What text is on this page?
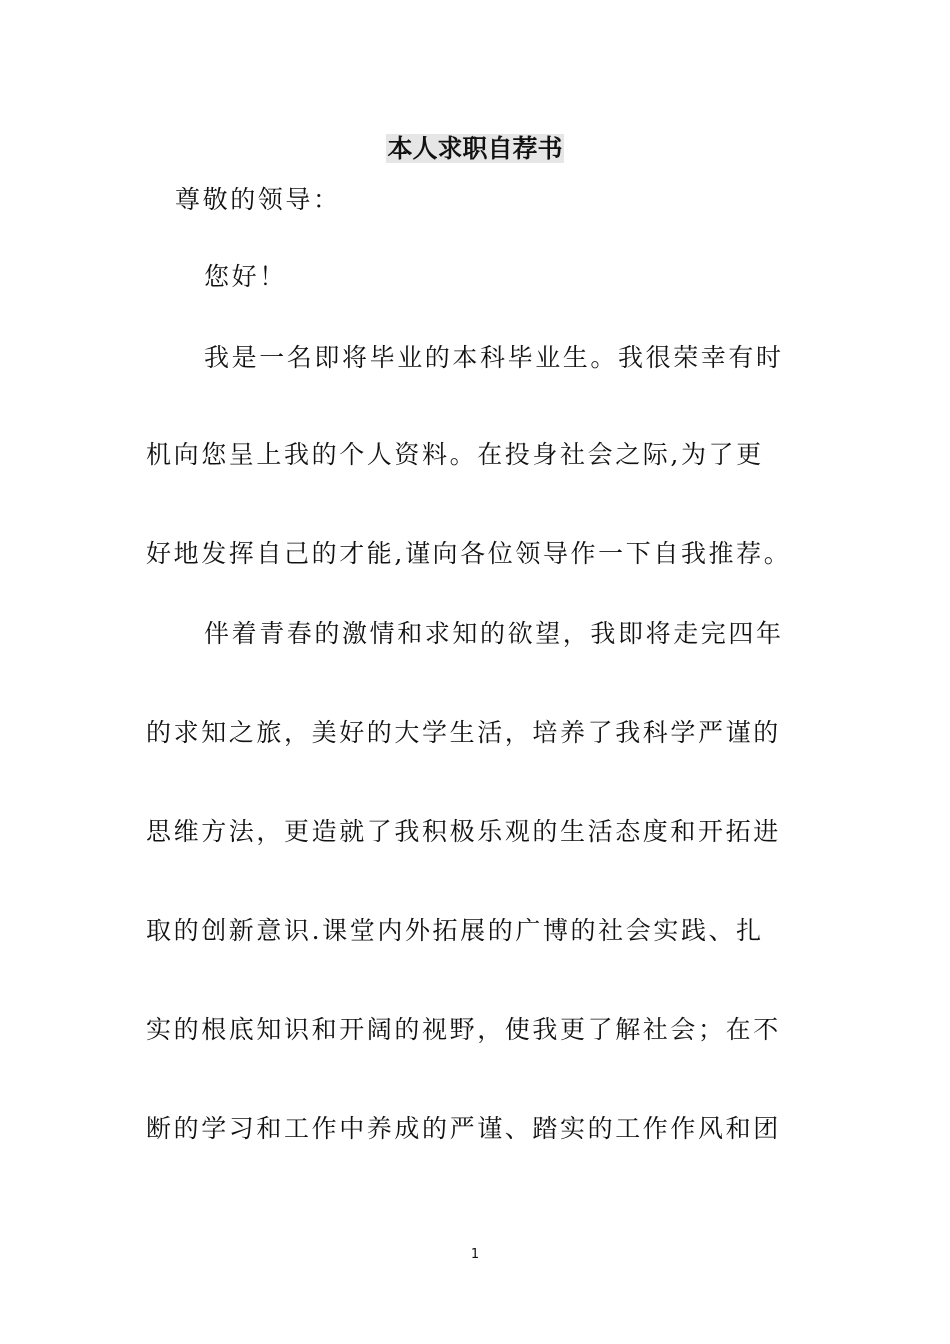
本人求职自荐书
尊敬的领导：
您好！
我是一名即将毕业的本科毕业生。我很荣幸有时
机向您呈上我的个人资料。在投身社会之际,为了更
好地发挥自己的才能,谨向各位领导作一下自我推荐。
伴着青春的激情和求知的欲望，我即将走完四年
的求知之旅，美好的大学生活，培养了我科学严谨的
思维方法，更造就了我积极乐观的生活态度和开拓进
取的创新意识.课堂内外拓展的广博的社会实践、扎
实的根底知识和开阔的视野，使我更了解社会；在不
断的学习和工作中养成的严谨、踏实的工作作风和团
1
